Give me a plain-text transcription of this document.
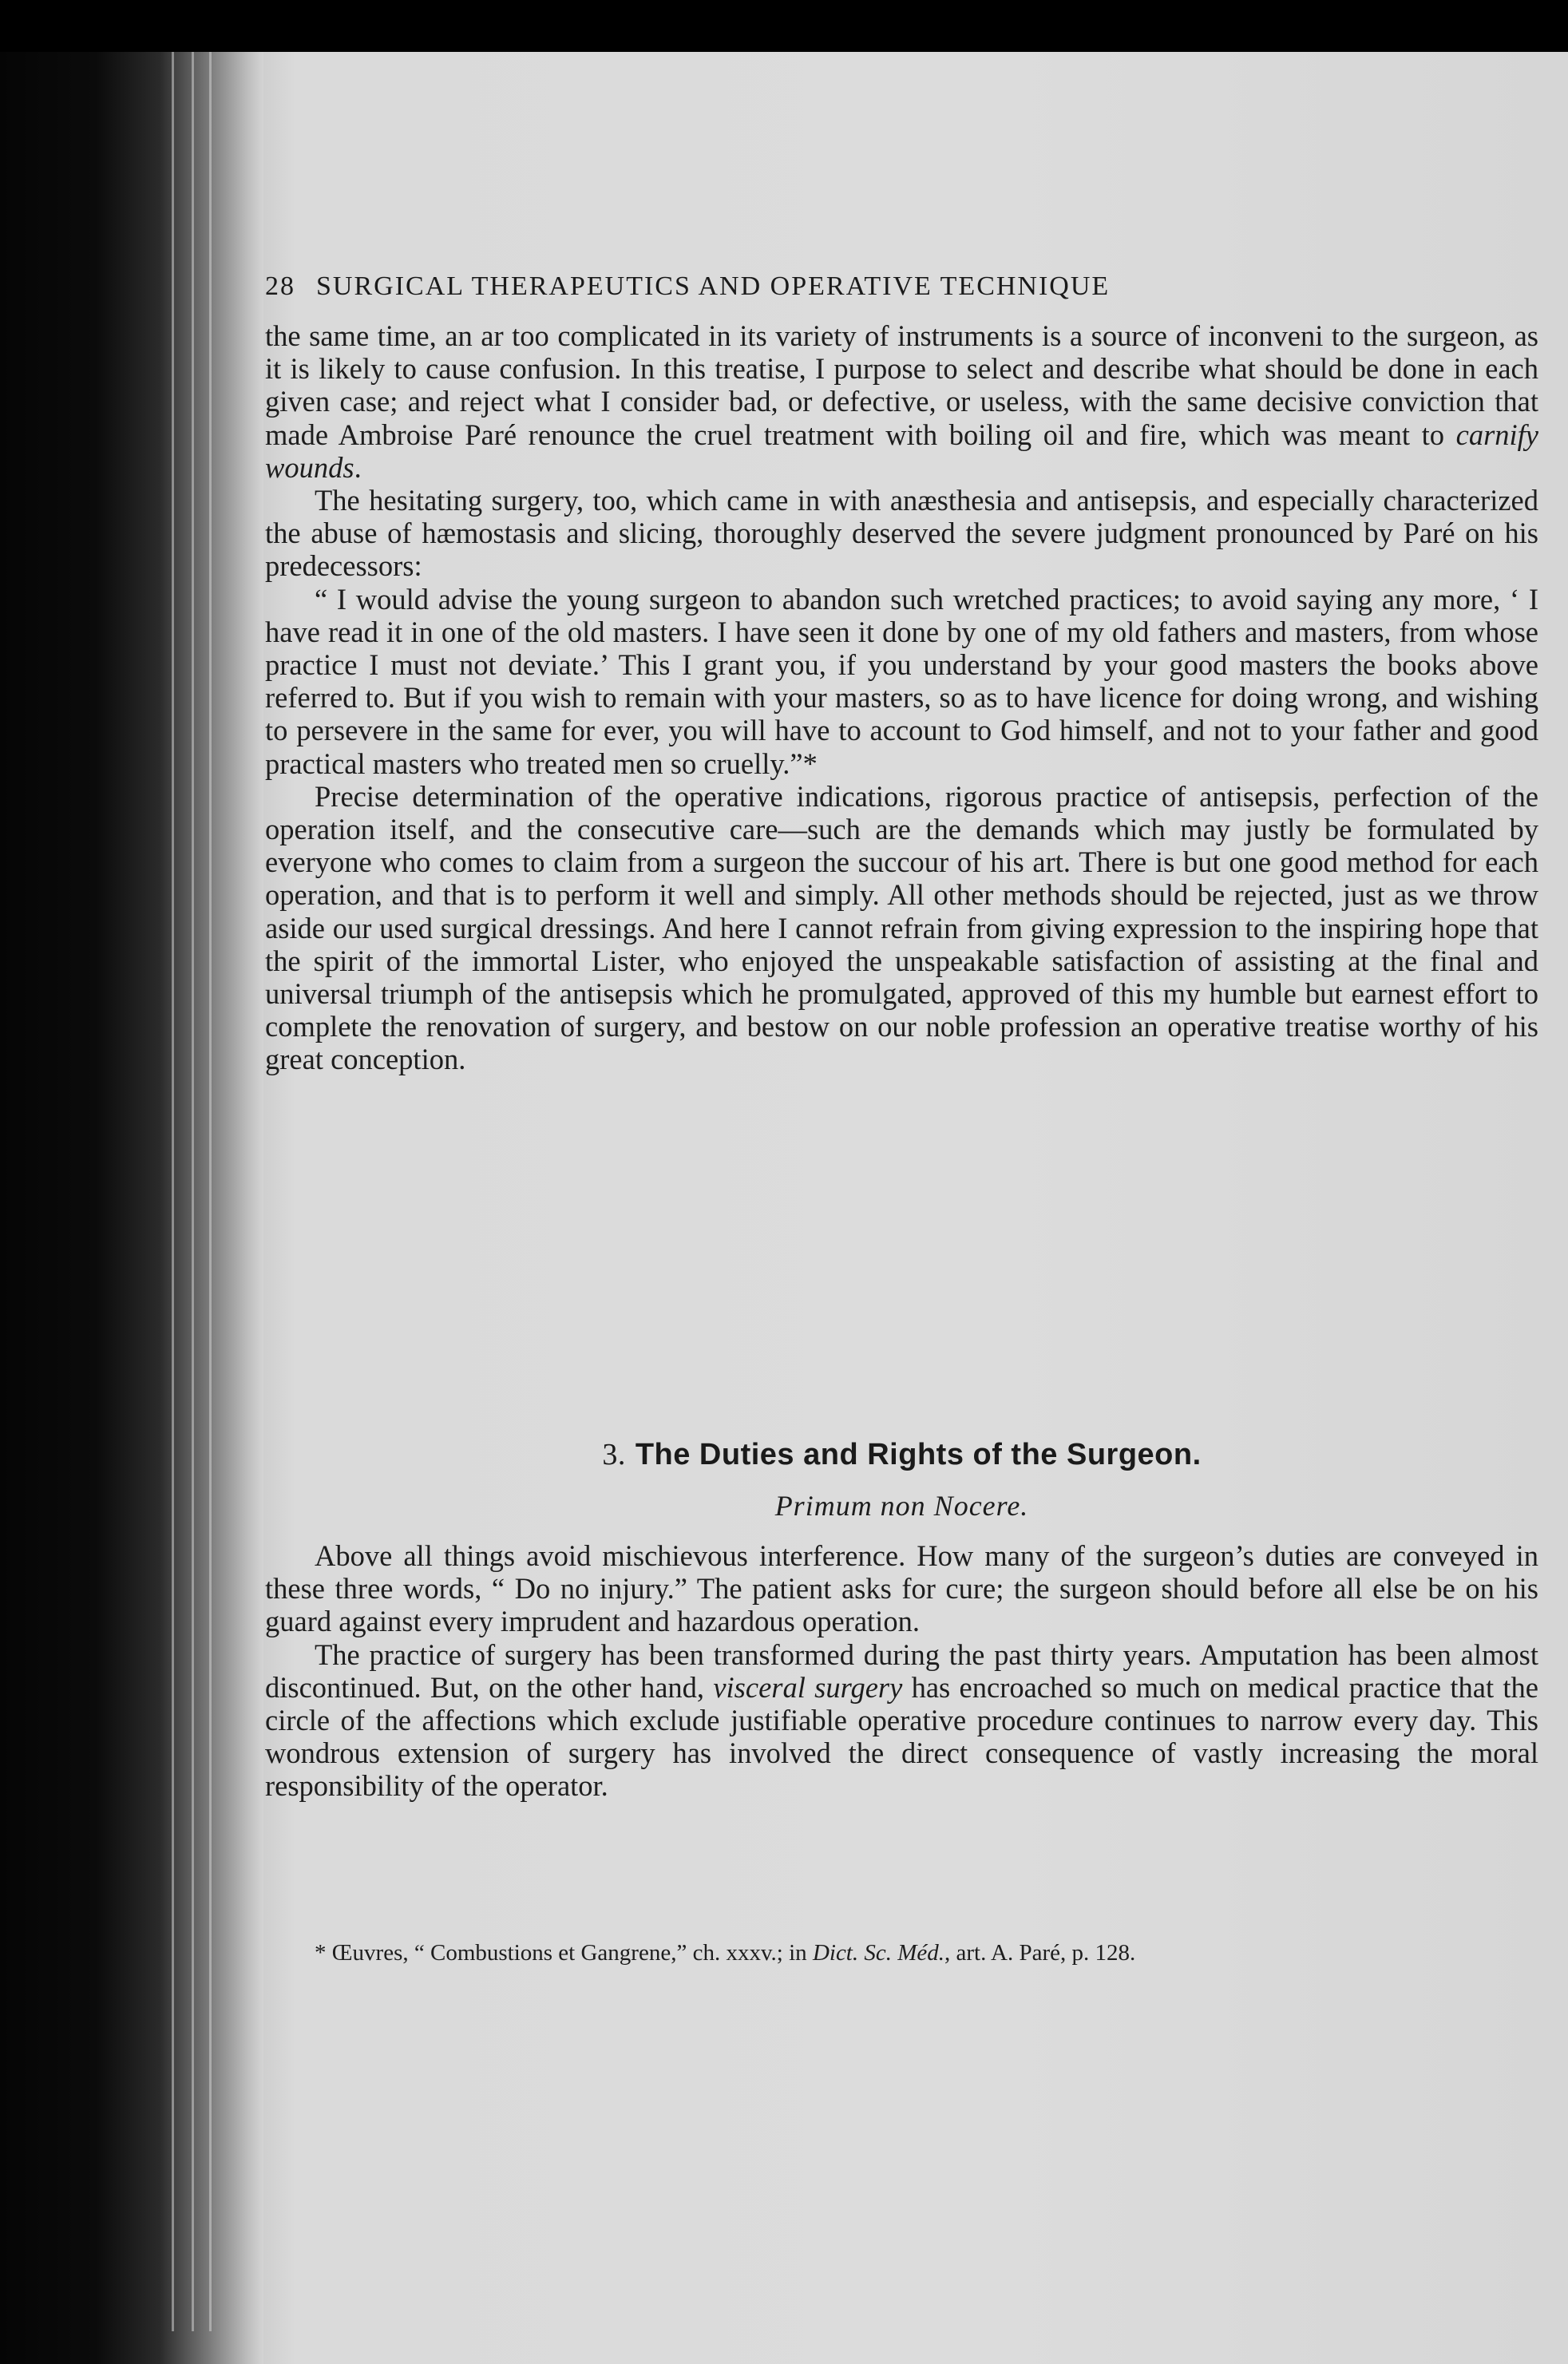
28 SURGICAL THERAPEUTICS AND OPERATIVE TECHNIQUE

the same time, an ar too complicated in its variety of instruments is a source of inconveni to the surgeon, as it is likely to cause confusion. In this treatise, I purpose to select and describe what should be done in each given case; and reject what I consider bad, or defective, or useless, with the same decisive conviction that made Ambroise Paré renounce the cruel treatment with boiling oil and fire, which was meant to carnify wounds.

The hesitating surgery, too, which came in with anæsthesia and antisepsis, and especially characterized the abuse of hæmostasis and slicing, thoroughly deserved the severe judgment pronounced by Paré on his predecessors:

“ I would advise the young surgeon to abandon such wretched practices; to avoid saying any more, ‘ I have read it in one of the old masters. I have seen it done by one of my old fathers and masters, from whose practice I must not deviate.’ This I grant you, if you understand by your good masters the books above referred to. But if you wish to remain with your masters, so as to have licence for doing wrong, and wishing to persevere in the same for ever, you will have to account to God himself, and not to your father and good practical masters who treated men so cruelly.”*

Precise determination of the operative indications, rigorous practice of antisepsis, perfection of the operation itself, and the consecutive care—such are the demands which may justly be formulated by everyone who comes to claim from a surgeon the succour of his art. There is but one good method for each operation, and that is to perform it well and simply. All other methods should be rejected, just as we throw aside our used surgical dressings. And here I cannot refrain from giving expression to the inspiring hope that the spirit of the immortal Lister, who enjoyed the unspeakable satisfaction of assisting at the final and universal triumph of the antisepsis which he promulgated, approved of this my humble but earnest effort to complete the renovation of surgery, and bestow on our noble profession an operative treatise worthy of his great conception.

3. The Duties and Rights of the Surgeon.
Primum non Nocere.

Above all things avoid mischievous interference. How many of the surgeon’s duties are conveyed in these three words, “ Do no injury.” The patient asks for cure; the surgeon should before all else be on his guard against every imprudent and hazardous operation.

The practice of surgery has been transformed during the past thirty years. Amputation has been almost discontinued. But, on the other hand, visceral surgery has encroached so much on medical practice that the circle of the affections which exclude justifiable operative procedure continues to narrow every day. This wondrous extension of surgery has involved the direct consequence of vastly increasing the moral responsibility of the operator.

* Œuvres, “ Combustions et Gangrene,” ch. xxxv.; in Dict. Sc. Méd., art. A. Paré, p. 128.
